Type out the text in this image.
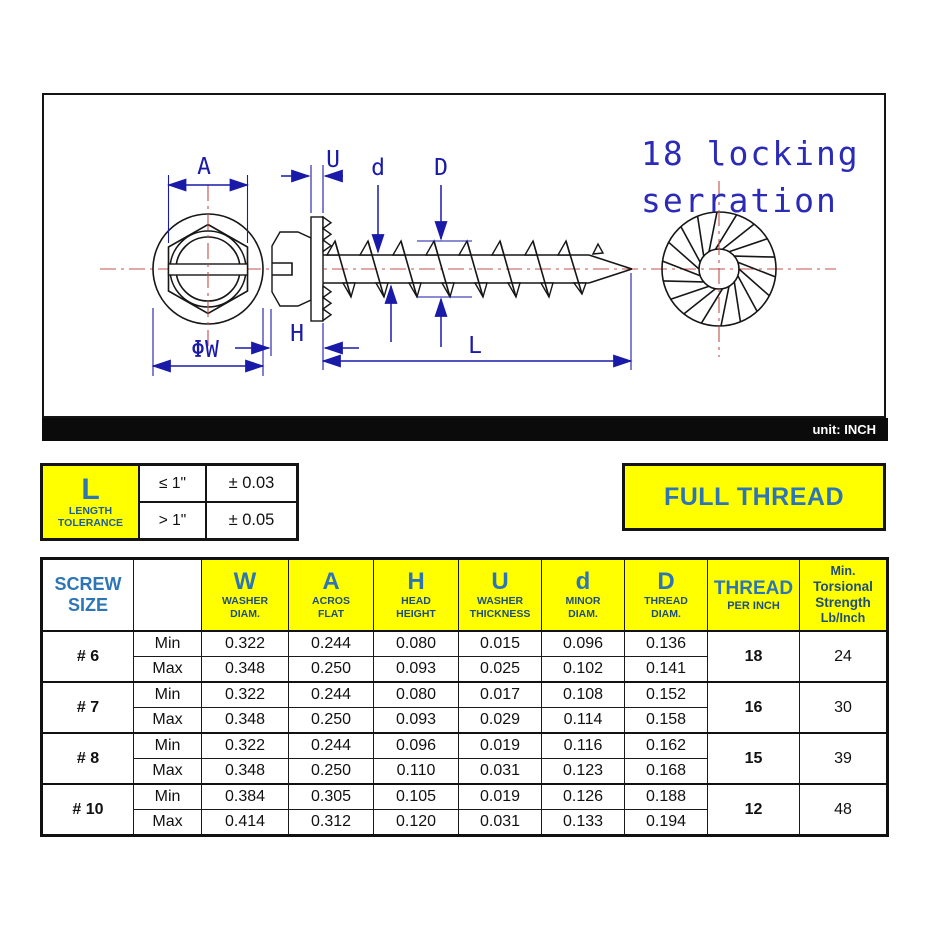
A
ΦW
U d D
H	L
18 locking
serration
unit: INCH
L
LENGTH
TOLERANCE	≤ 1"	± 0.03
	> 1"	± 0.05
FULL THREAD
SCREW
SIZE		W
WASHER
DIAM.	A
ACROS
FLAT	H
HEAD
HEIGHT	U
WASHER
THICKNESS	d
MINOR
DIAM.	D
THREAD
DIAM.	THREAD
PER INCH	Min.
Torsional
Strength
Lb/Inch

# 6	Min	0.322	0.244	0.080	0.015	0.096	0.136	18	24
	Max	0.348	0.250	0.093	0.025	0.102	0.141		
# 7	Min	0.322	0.244	0.080	0.017	0.108	0.152	16	30
	Max	0.348	0.250	0.093	0.029	0.114	0.158		
# 8	Min	0.322	0.244	0.096	0.019	0.116	0.162	15	39
	Max	0.348	0.250	0.110	0.031	0.123	0.168		
# 10	Min	0.384	0.305	0.105	0.019	0.126	0.188	12	48
	Max	0.414	0.312	0.120	0.031	0.133	0.194		
